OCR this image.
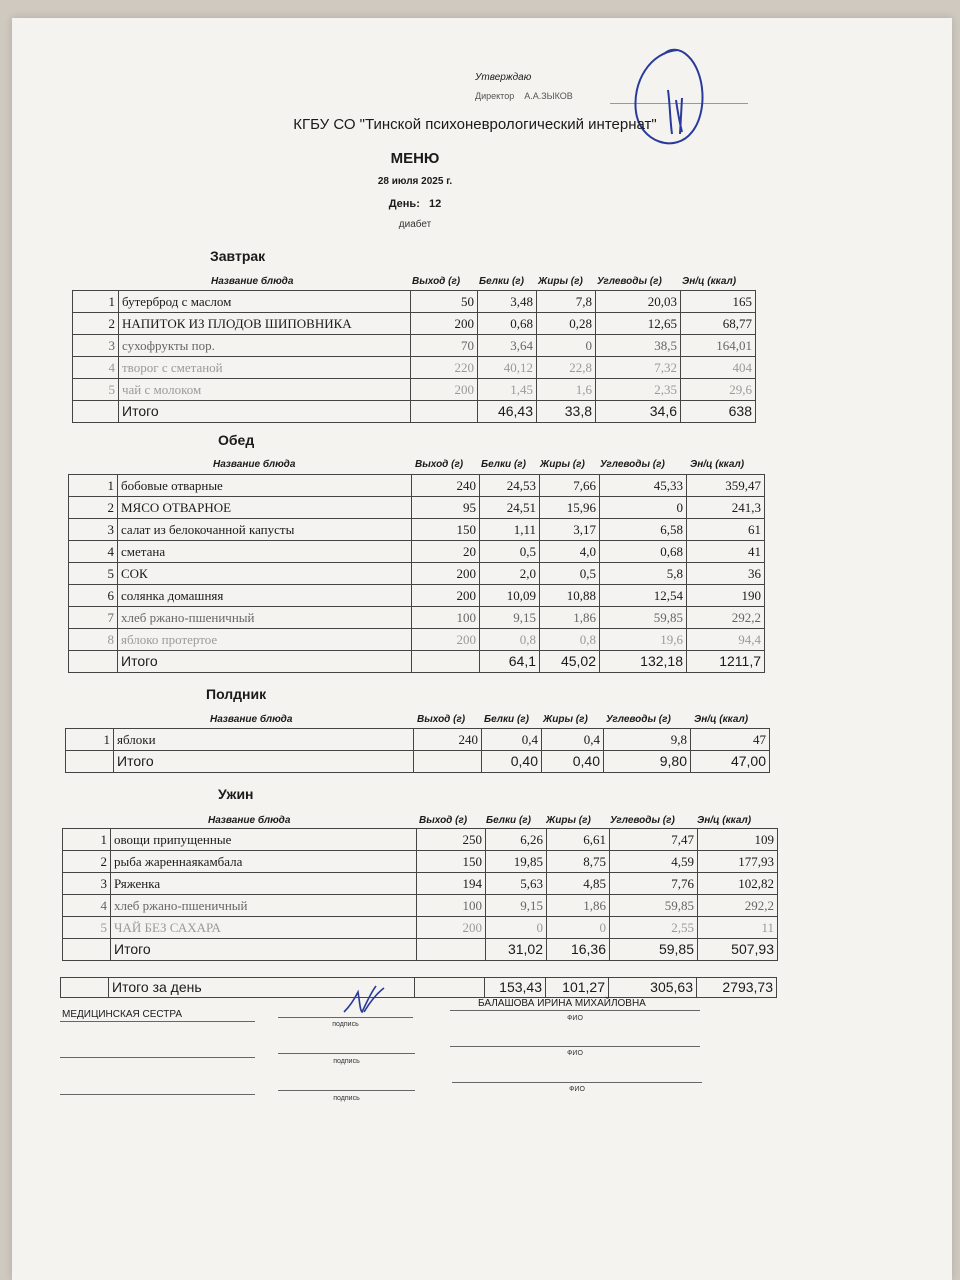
Утверждаю
Директор А.А.ЗЫКОВ
КГБУ СО "Тинской психоневрологический интернат"
МЕНЮ
28 июля 2025 г.
День: 12
диабет
Завтрак
Название блюда	Выход (г) Белки (г) Жиры (г) Углеводы (г) Эн/ц (ккал)
1	бутерброд с маслом	50	3,48	7,8	20,03	165
2	НАПИТОК ИЗ ПЛОДОВ ШИПОВНИКА	200	0,68	0,28	12,65	68,77
3	сухофрукты пор.	70	3,64	0	38,5	164,01
4	творог с сметаной	220	40,12	22,8	7,32	404
5	чай с молоком	200	1,45	1,6	2,35	29,6
	Итого		46,43	33,8	34,6	638
Обед
Название блюда	Выход (г) Белки (г) Жиры (г) Углеводы (г)	Эн/ц (ккал)
1	бобовые отварные	240	24,53	7,66	45,33	359,47
2	МЯСО ОТВАРНОЕ	95	24,51	15,96	0	241,3
3	салат из белокочанной капусты	150	1,11	3,17	6,58	61
4	сметана	20	0,5	4,0	0,68	41
5	СОК	200	2,0	0,5	5,8	36
6	солянка домашняя	200	10,09	10,88	12,54	190
7	хлеб ржано-пшеничный	100	9,15	1,86	59,85	292,2
8	яблоко протертое	200	0,8	0,8	19,6	94,4
	Итого		64,1	45,02	132,18	1211,7
Полдник
Название блюда	Выход (г) Белки (г) Жиры (г) Углеводы (г) Эн/ц (ккал)
1	яблоки	240	0,4	0,4	9,8	47
	Итого		0,40	0,40	9,80	47,00
Ужин
Название блюда	Выход (г) Белки (г) Жиры (г) Углеводы (г) Эн/ц (ккал)
1	овощи припущенные	250	6,26	6,61	7,47	109
2	рыба жареннаякамбала	150	19,85	8,75	4,59	177,93
3	Ряженка	194	5,63	4,85	7,76	102,82
4	хлеб ржано-пшеничный	100	9,15	1,86	59,85	292,2
5	ЧАЙ БЕЗ САХАРА	200	0	0	2,55	11
	Итого		31,02	16,36	59,85	507,93
	Итого за день		153,43	101,27	305,63	2793,73
МЕДИЦИНСКАЯ СЕСТРА
подпись
БАЛАШОВА ИРИНА МИХАЙЛОВНА
ФИО
подпись
ФИО
подпись
ФИО
